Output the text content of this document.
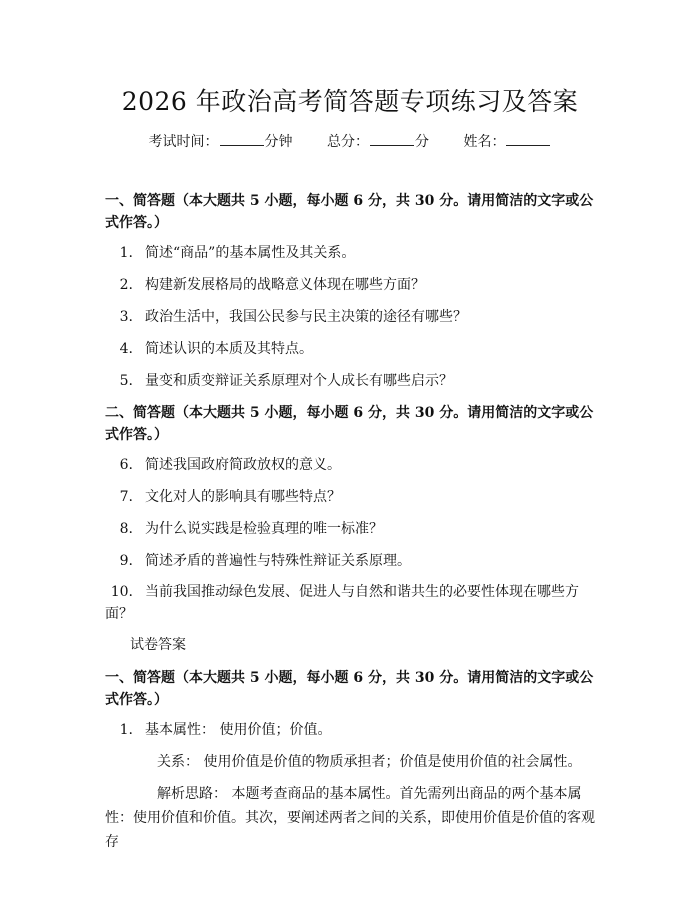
2026 年政治高考简答题专项练习及答案
考试时间：	分钟 总分：	分 姓名：
一、简答题（本大题共 5 小题，每小题 6 分，共 30 分。请用简洁的文字或公式作答。）
1. 简述“商品”的基本属性及其关系。
2. 构建新发展格局的战略意义体现在哪些方面？
3. 政治生活中，我国公民参与民主决策的途径有哪些？
4. 简述认识的本质及其特点。
5. 量变和质变辩证关系原理对个人成长有哪些启示？
二、简答题（本大题共 5 小题，每小题 6 分，共 30 分。请用简洁的文字或公式作答。）
6. 简述我国政府简政放权的意义。
7. 文化对人的影响具有哪些特点？
8. 为什么说实践是检验真理的唯一标准？
9. 简述矛盾的普遍性与特殊性辩证关系原理。
10. 当前我国推动绿色发展、促进人与自然和谐共生的必要性体现在哪些方面？
试卷答案
一、简答题（本大题共 5 小题，每小题 6 分，共 30 分。请用简洁的文字或公式作答。）
1. 基本属性： 使用价值；价值。
关系： 使用价值是价值的物质承担者；价值是使用价值的社会属性。
解析思路： 本题考查商品的基本属性。首先需列出商品的两个基本属性：使用价值和价值。其次，要阐述两者之间的关系，即使用价值是价值的客观存
